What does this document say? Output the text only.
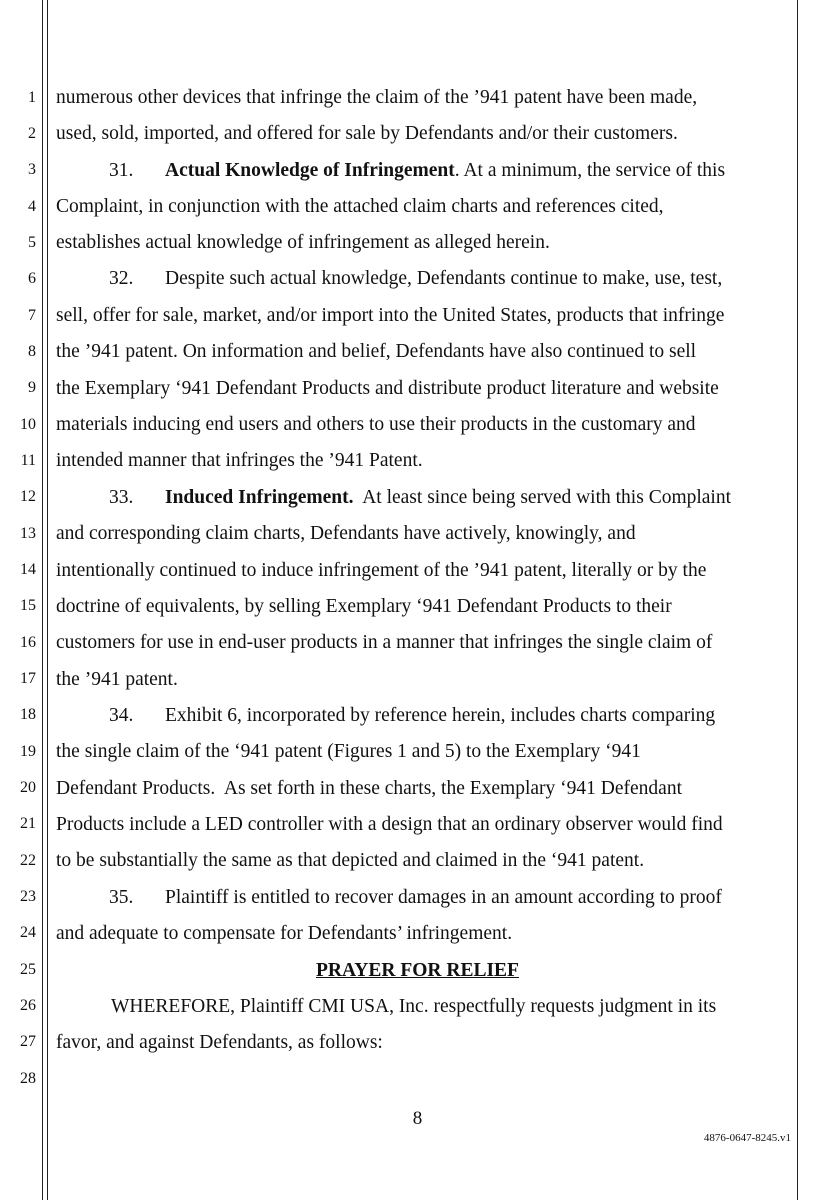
1
2
3
4
5
6
7
8
9
10
11
12
13
14
15
16
17
18
19
20
21
22
23
24
25
26
27
28
numerous other devices that infringe the claim of the ’941 patent have been made,
used, sold, imported, and offered for sale by Defendants and/or their customers.
31. Actual Knowledge of Infringement. At a minimum, the service of this
Complaint, in conjunction with the attached claim charts and references cited,
establishes actual knowledge of infringement as alleged herein.
32. Despite such actual knowledge, Defendants continue to make, use, test,
sell, offer for sale, market, and/or import into the United States, products that infringe
the ’941 patent. On information and belief, Defendants have also continued to sell
the Exemplary ‘941 Defendant Products and distribute product literature and website
materials inducing end users and others to use their products in the customary and
intended manner that infringes the ’941 Patent.
33. Induced Infringement.  At least since being served with this Complaint
and corresponding claim charts, Defendants have actively, knowingly, and
intentionally continued to induce infringement of the ’941 patent, literally or by the
doctrine of equivalents, by selling Exemplary ‘941 Defendant Products to their
customers for use in end-user products in a manner that infringes the single claim of
the ’941 patent.
34. Exhibit 6, incorporated by reference herein, includes charts comparing
the single claim of the ‘941 patent (Figures 1 and 5) to the Exemplary ‘941
Defendant Products.  As set forth in these charts, the Exemplary ‘941 Defendant
Products include a LED controller with a design that an ordinary observer would find
to be substantially the same as that depicted and claimed in the ‘941 patent.
35. Plaintiff is entitled to recover damages in an amount according to proof
and adequate to compensate for Defendants’ infringement.
PRAYER FOR RELIEF
WHEREFORE, Plaintiff CMI USA, Inc. respectfully requests judgment in its
favor, and against Defendants, as follows:
8
4876-0647-8245.v1
